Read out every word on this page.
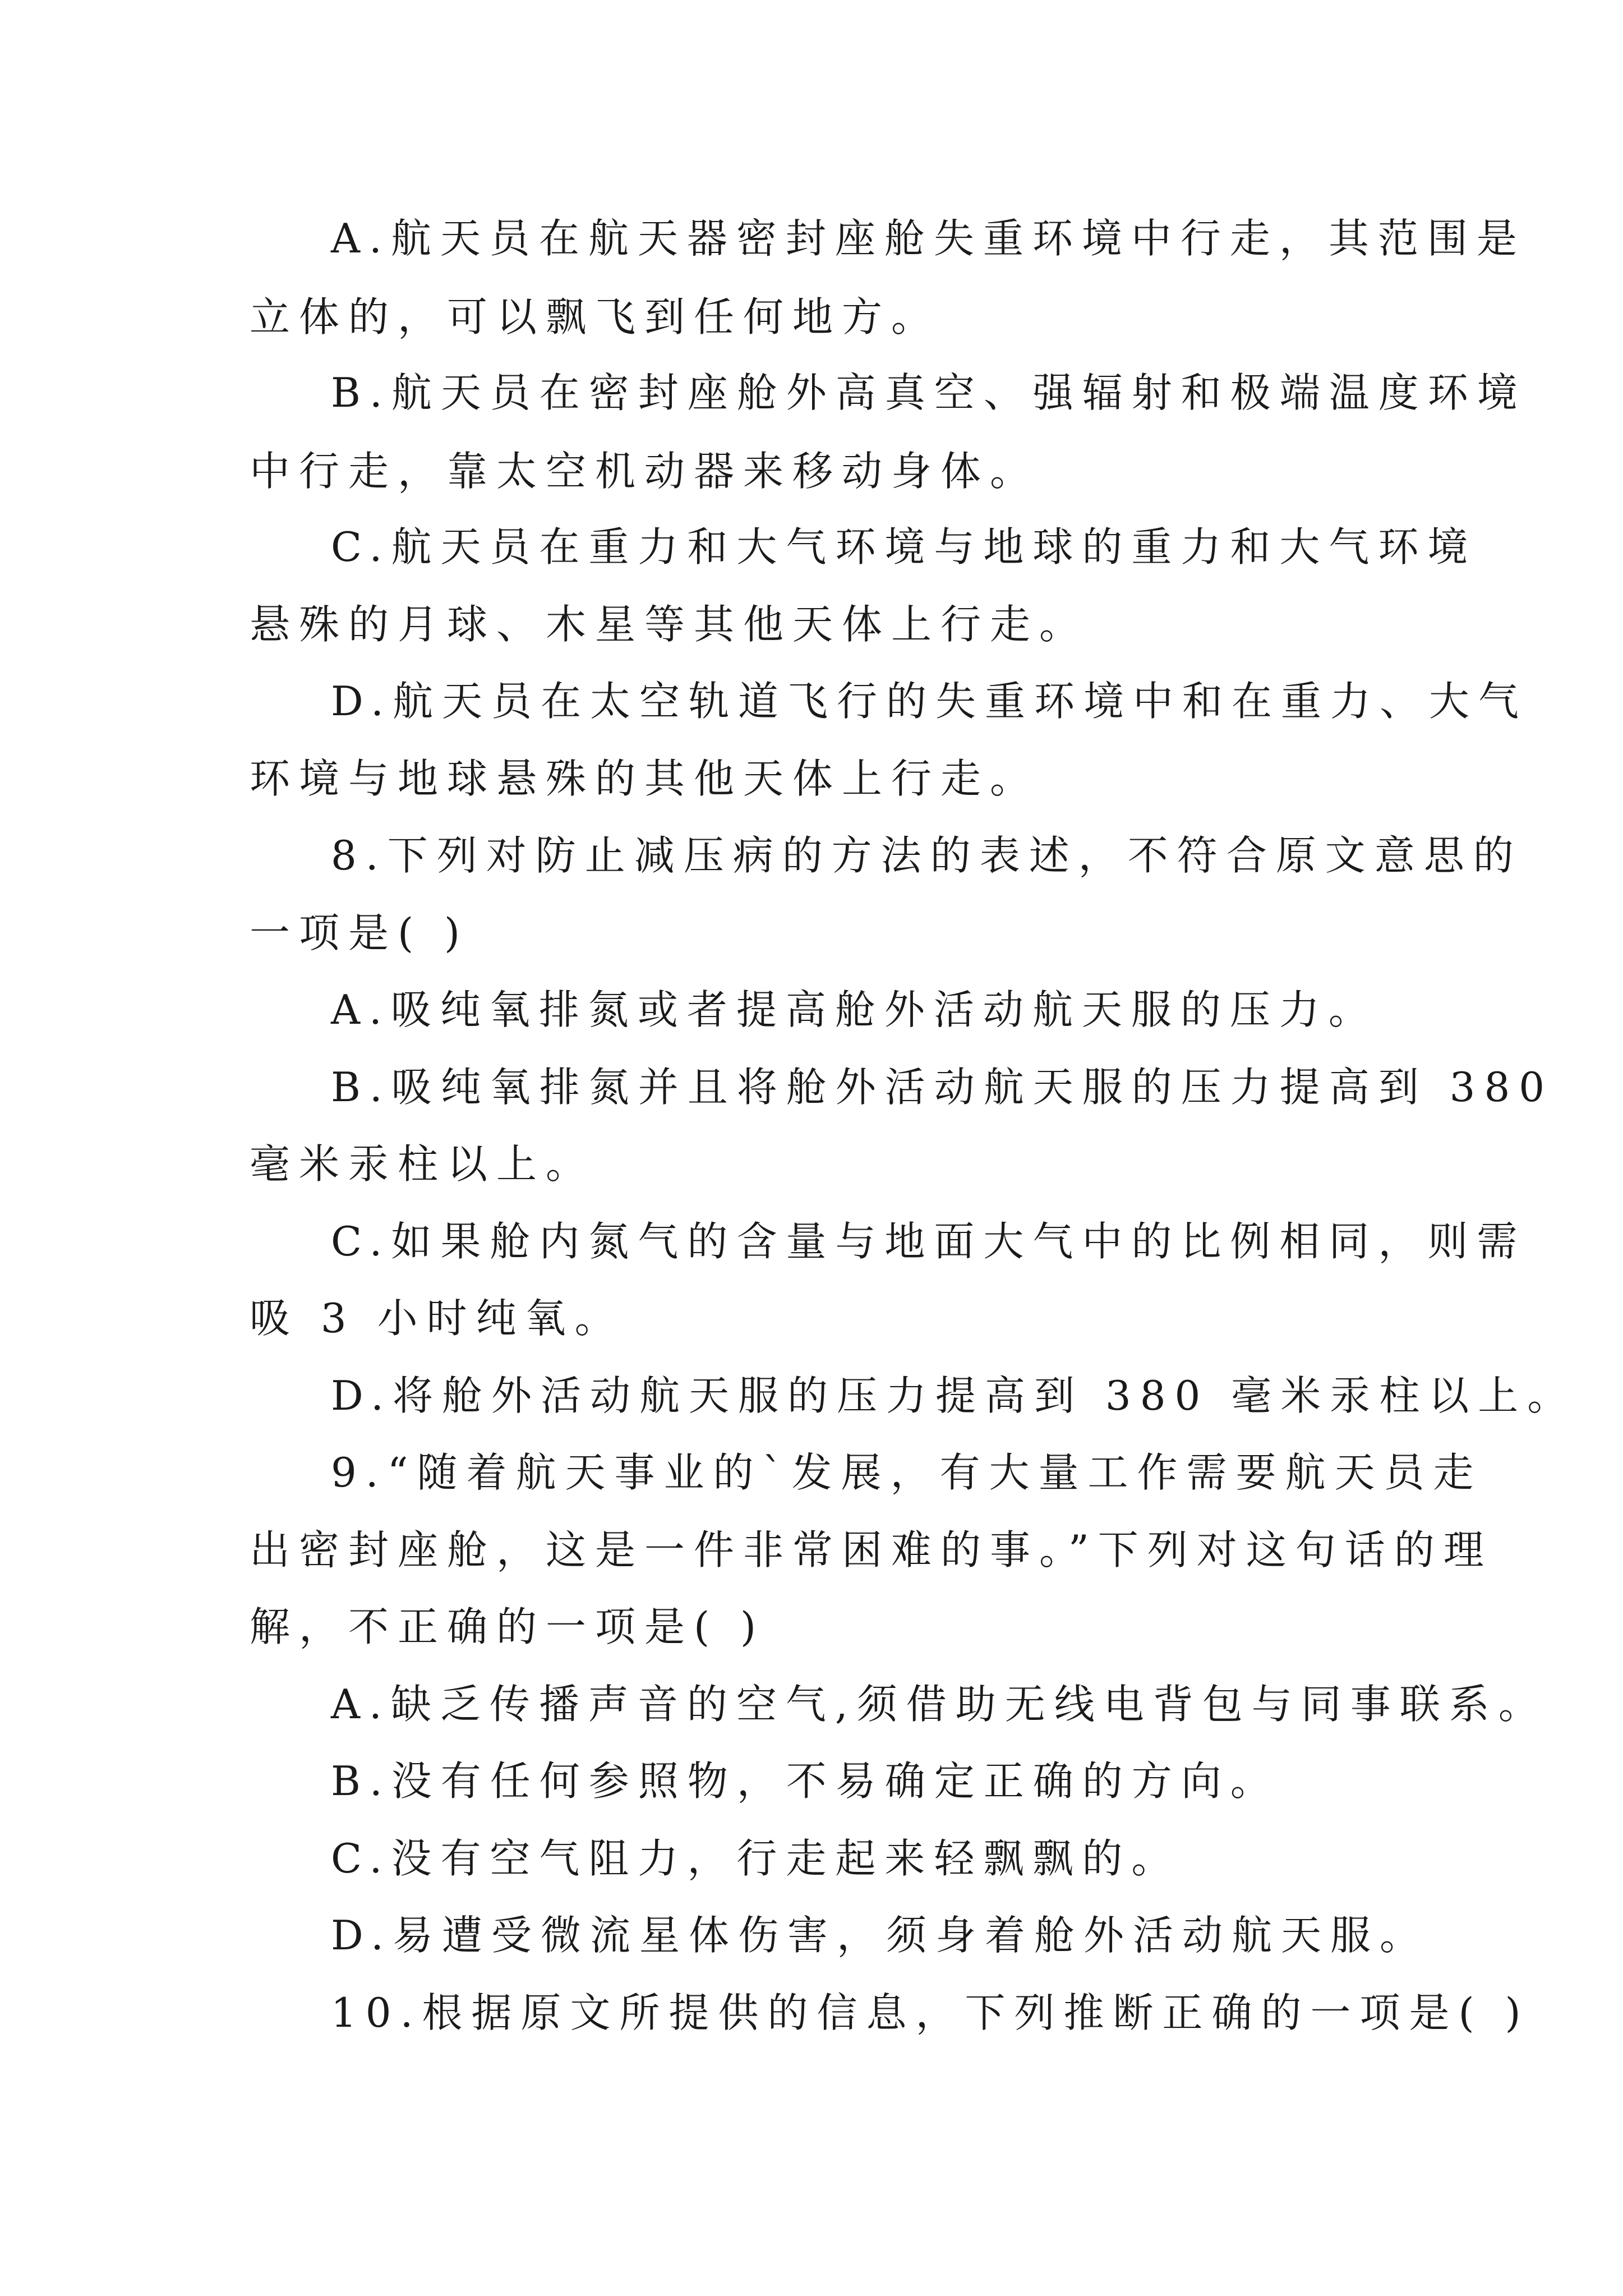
A.航天员在航天器密封座舱失重环境中行走，其范围是
立体的，可以飘飞到任何地方。
B.航天员在密封座舱外高真空、强辐射和极端温度环境
中行走，靠太空机动器来移动身体。
C.航天员在重力和大气环境与地球的重力和大气环境
悬殊的月球、木星等其他天体上行走。
D.航天员在太空轨道飞行的失重环境中和在重力、大气
环境与地球悬殊的其他天体上行走。
8.下列对防止减压病的方法的表述，不符合原文意思的
一项是( )
A.吸纯氧排氮或者提高舱外活动航天服的压力。
B.吸纯氧排氮并且将舱外活动航天服的压力提高到 380
毫米汞柱以上。
C.如果舱内氮气的含量与地面大气中的比例相同，则需
吸 3 小时纯氧。
D.将舱外活动航天服的压力提高到 380 毫米汞柱以上。
9.“随着航天事业的`发展，有大量工作需要航天员走
出密封座舱，这是一件非常困难的事。”下列对这句话的理
解，不正确的一项是( )
A.缺乏传播声音的空气,须借助无线电背包与同事联系。
B.没有任何参照物，不易确定正确的方向。
C.没有空气阻力，行走起来轻飘飘的。
D.易遭受微流星体伤害，须身着舱外活动航天服。
10.根据原文所提供的信息，下列推断正确的一项是( )
